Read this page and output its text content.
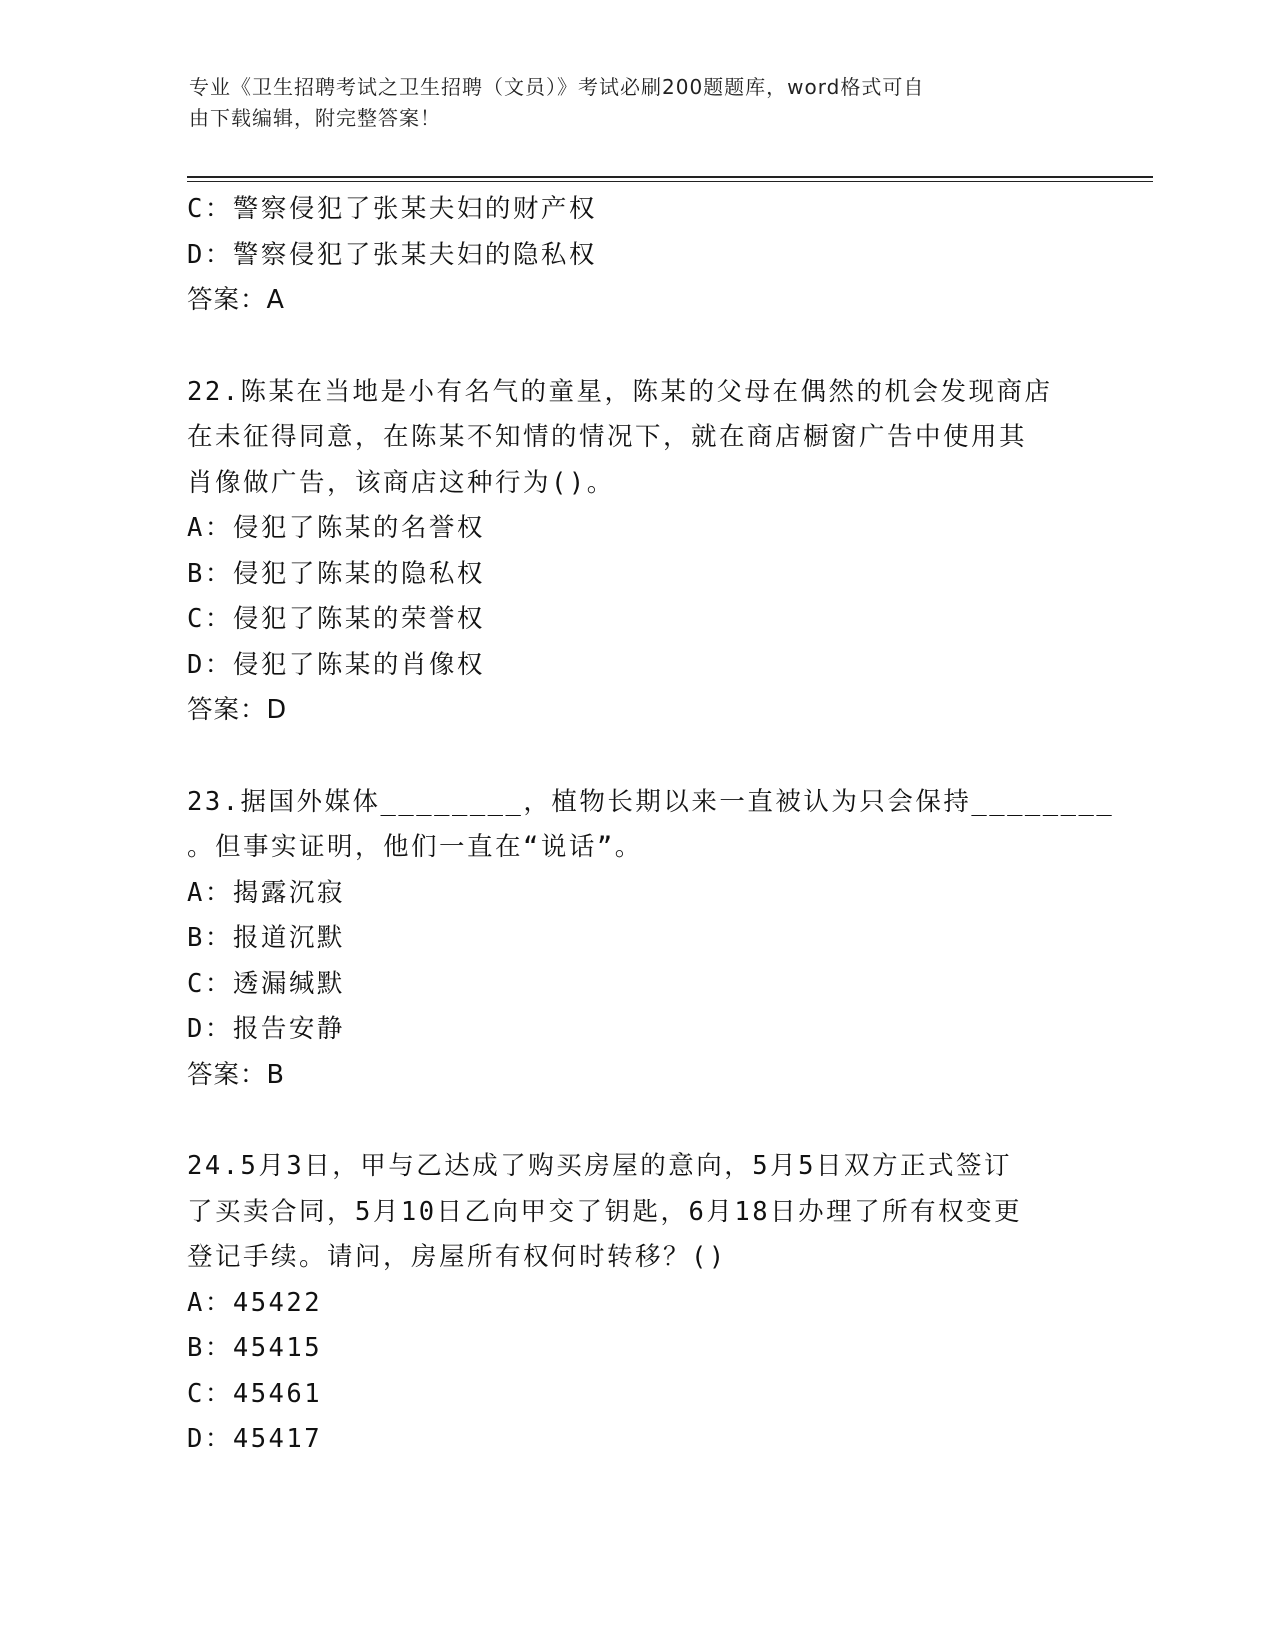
专业《卫生招聘考试之卫生招聘（文员）》考试必刷200题题库，word格式可自
由下载编辑，附完整答案！
C：警察侵犯了张某夫妇的财产权
D：警察侵犯了张某夫妇的隐私权
答案：A
22.陈某在当地是小有名气的童星，陈某的父母在偶然的机会发现商店
在未征得同意，在陈某不知情的情况下，就在商店橱窗广告中使用其
肖像做广告，该商店这种行为()。
A：侵犯了陈某的名誉权
B：侵犯了陈某的隐私权
C：侵犯了陈某的荣誉权
D：侵犯了陈某的肖像权
答案：D
23.据国外媒体________，植物长期以来一直被认为只会保持________
。但事实证明，他们一直在“说话”。
A：揭露沉寂
B：报道沉默
C：透漏缄默
D：报告安静
答案：B
24.5月3日，甲与乙达成了购买房屋的意向，5月5日双方正式签订
了买卖合同，5月10日乙向甲交了钥匙，6月18日办理了所有权变更
登记手续。请问，房屋所有权何时转移？()
A：45422
B：45415
C：45461
D：45417
